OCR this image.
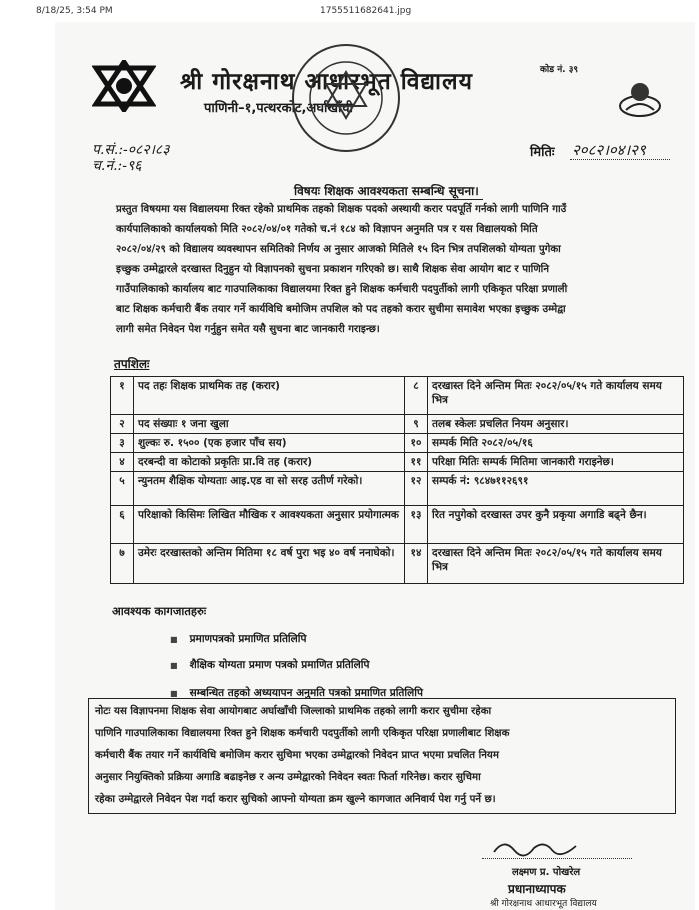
8/18/25, 3:54 PM	1755511682641.jpg
कोड नं. ३९
श्री गोरक्षनाथ आधारभूत विद्यालय
पाणिनी–१,पत्थरकोट,अर्घाखाँची
प.सं.:-०८२।८३
च.नं.:-९६
मितिः २०८२।०४।२९
विषयः शिक्षक आवश्यकता सम्बन्धि सूचना।

प्रस्तुत विषयमा यस विद्यालयमा रिक्त रहेको प्राथमिक तहको शिक्षक पदको अस्थायी करार पदपूर्ति गर्नको लागी पाणिनि गाउँ

कार्यपालिकाको कार्यालयको मिति २०८२/०४/०१ गतेको च.नं १८४ को विज्ञापन अनुमति पत्र र यस विद्यालयको मिति

२०८२/०४/२९ को विद्यालय व्यवस्थापन समितिको निर्णय अ नुसार आजको मितिले १५ दिन भित्र तपशिलको योग्यता पुगेका

इच्छुक उम्मेद्वारले दरखास्त दिनुहुन यो विज्ञापनको सुचना प्रकाशन गरिएको छ। साथै शिक्षक सेवा आयोग बाट र पाणिनि

गाउँपालिकाको कार्यालय बाट गाउपालिकाका विद्यालयमा रिक्त हुने शिक्षक कर्मचारी पदपुर्तीको लागी एकिकृत परिक्षा प्रणाली

बाट शिक्षक कर्मचारी बैंक तयार गर्ने कार्यविधि बमोजिम तपशिल को पद तहको करार सुचीमा समावेश भएका इच्छुक उम्मेद्वा

लागी समेत निवेदन पेश गर्नुहुन समेत यसै सुचना बाट जानकारी गराइन्छ।

तपशिलः
१	पद तहः शिक्षक प्राथमिक तह (करार)	८	दरखास्त दिने अन्तिम मितः २०८२/०५/१५ गते कार्यालय समय भित्र
२	पद संख्याः १ जना खुला	९	तलब स्केलः प्रचलित नियम अनुसार।
३	शुल्कः रु. १५०० (एक हजार पाँच सय)	१०	सम्पर्क मिति २०८२/०५/१६
४	दरबन्दी वा कोटाको प्रकृतिः प्रा.वि तह (करार)	११	परिक्षा मितिः सम्पर्क मितिमा जानकारी गराइनेछ।
५	न्युनतम शैक्षिक योग्यताः आइ.एड वा सो सरह उतीर्ण गरेको।	१२	सम्पर्क नं: ९८४७११२६९१
६	परिक्षाको किसिमः लिखित मौखिक र आवश्यकता अनुसार प्रयोगात्मक	१३	रित नपुगेको दरखास्त उपर कुनै प्रकृया अगाडि बढ्ने छैन।
७	उमेरः दरखास्तको अन्तिम मितिमा १८ वर्ष पुरा भइ ४० वर्ष ननाघेको।	१४	दरखास्त दिने अन्तिम मितः २०८२/०५/१५ गते कार्यालय समय भित्र
आवश्यक कागजातहरुः
■ प्रमाणपत्रको प्रमाणित प्रतिलिपि
■ शैक्षिक योग्यता प्रमाण पत्रको प्रमाणित प्रतिलिपि
■ सम्बन्धित तहको अध्ययापन अनुमति पत्रको प्रमाणित प्रतिलिपि
नोटः यस विज्ञापनमा शिक्षक सेवा आयोगबाट अर्घाखाँची जिल्लाको प्राथमिक तहको लागी करार सुचीमा रहेका
पाणिनि गाउपालिकाका विद्यालयमा रिक्त हुने शिक्षक कर्मचारी पदपुर्तीको लागी एकिकृत परिक्षा प्रणालीबाट शिक्षक
कर्मचारी बैंक तयार गर्ने कार्यविधि बमोजिम करार सुचिमा भएका उम्मेद्वारको निवेदन प्राप्त भएमा प्रचलित नियम
अनुसार नियुक्तिको प्रक्रिया अगाडि बढाइनेछ र अन्य उम्मेद्वारको निवेदन स्वतः फिर्ता गरिनेछ। करार सुचिमा
रहेका उम्मेद्वारले निवेदन पेश गर्दा करार सुचिको आफ्नो योग्यता क्रम खुल्ने कागजात अनिवार्य पेश गर्नु पर्ने छ।
लक्ष्मण प्र. पोखरेल
प्रधानाध्यापक
श्री गोरक्षनाथ आधारभूत विद्यालय
